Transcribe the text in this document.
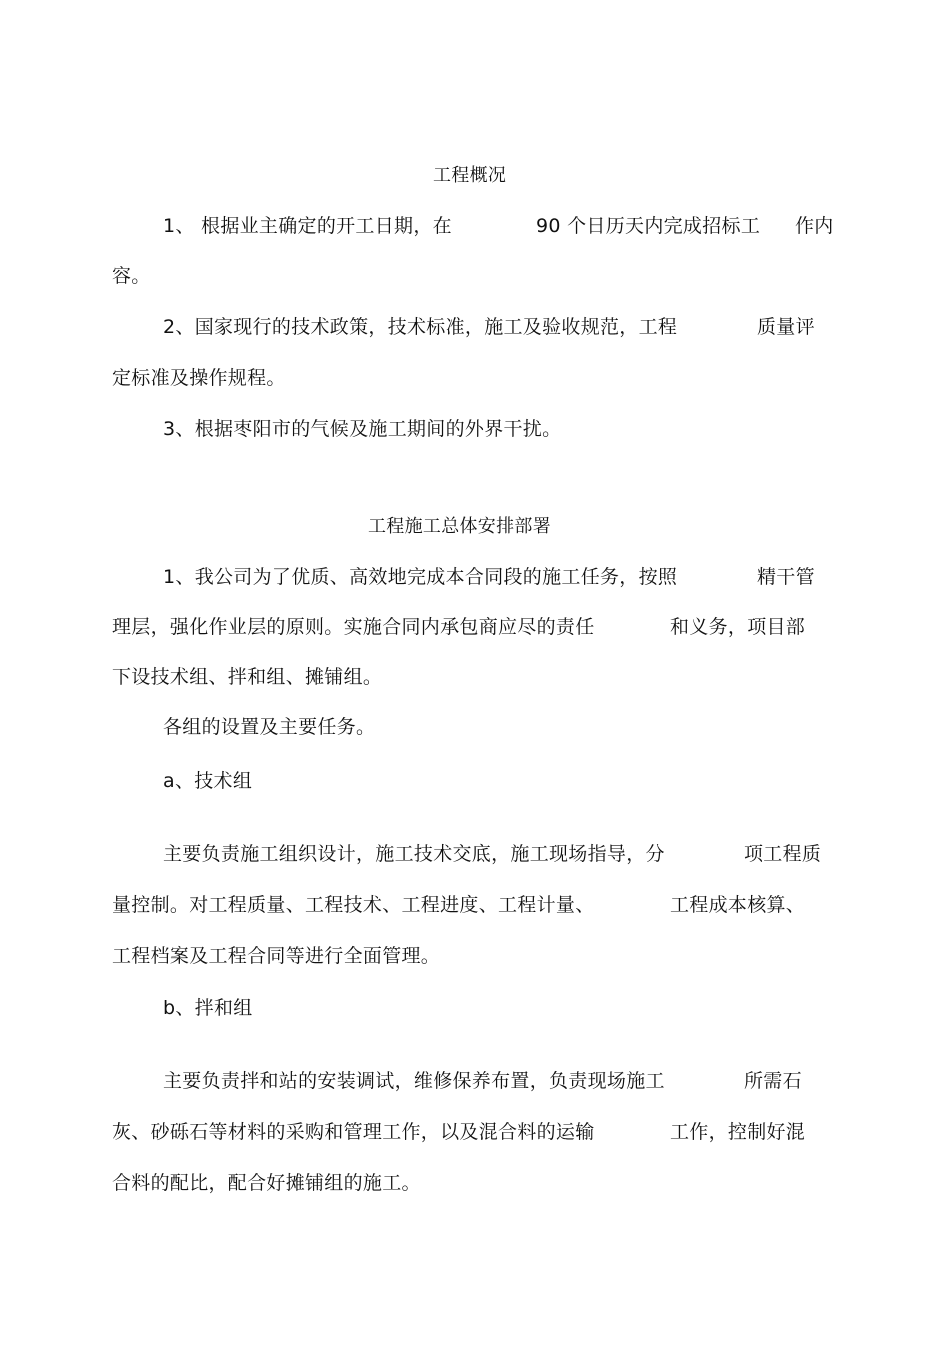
工程概况
1、 根据业主确定的开工日期，在	90 个日历天内完成招标工 作内
容。
2、国家现行的技术政策，技术标准，施工及验收规范，工程	质量评
定标准及操作规程。
3、根据枣阳市的气候及施工期间的外界干扰。
工程施工总体安排部署
1、我公司为了优质、高效地完成本合同段的施工任务，按照	精干管
理层，强化作业层的原则。实施合同内承包商应尽的责任	和义务，项目部
下设技术组、拌和组、摊铺组。
各组的设置及主要任务。
a、技术组
主要负责施工组织设计，施工技术交底，施工现场指导，分	项工程质
量控制。对工程质量、工程技术、工程进度、工程计量、	工程成本核算、
工程档案及工程合同等进行全面管理。
b、拌和组
主要负责拌和站的安装调试，维修保养布置，负责现场施工	所需石
灰、砂砾石等材料的采购和管理工作，以及混合料的运输	工作，控制好混
合料的配比，配合好摊铺组的施工。
